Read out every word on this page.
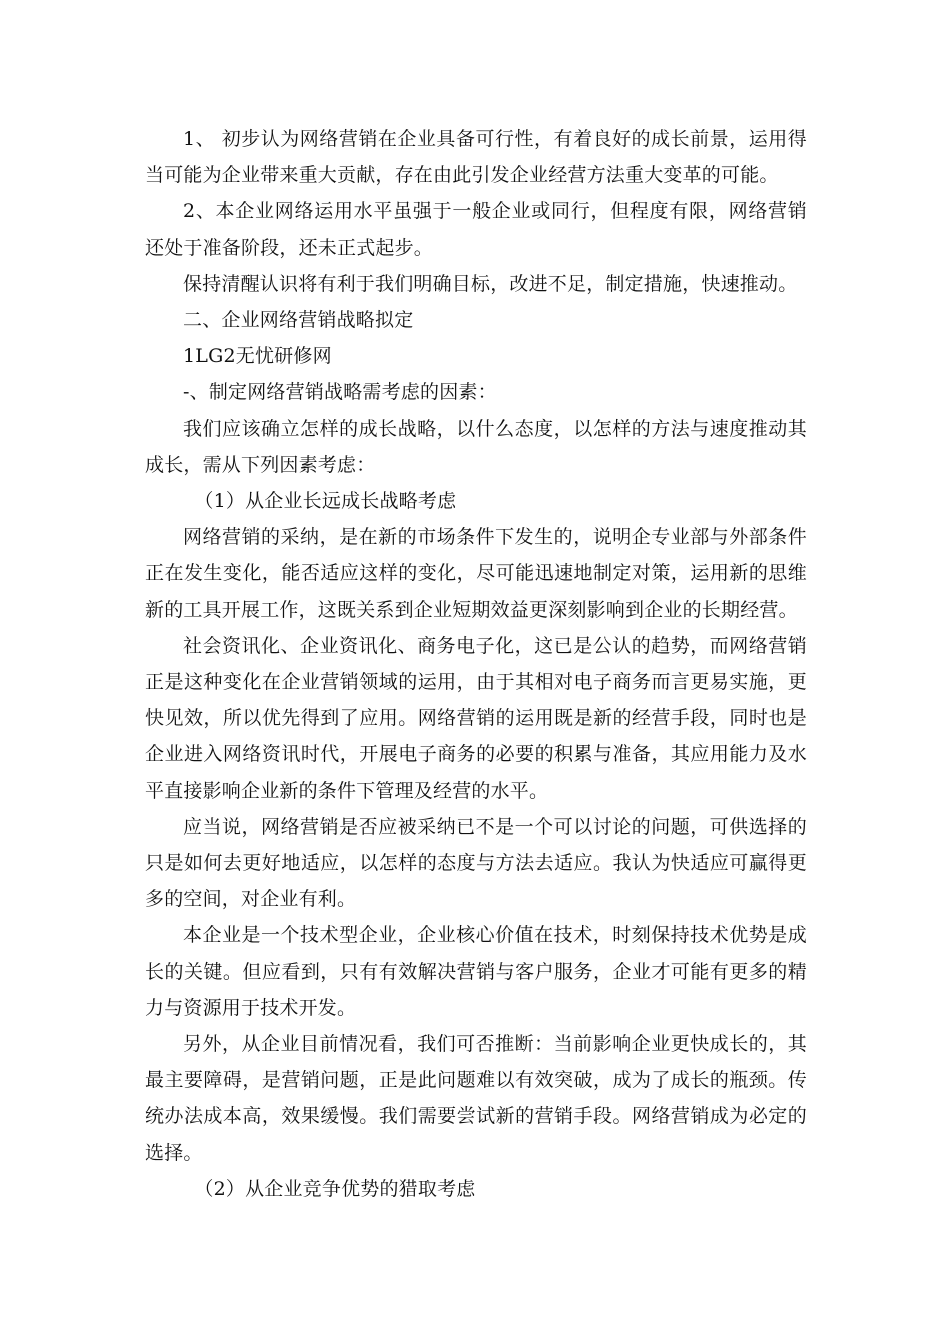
1、 初步认为网络营销在企业具备可行性，有着良好的成长前景，运用得当可能为企业带来重大贡献，存在由此引发企业经营方法重大变革的可能。

2、本企业网络运用水平虽强于一般企业或同行，但程度有限，网络营销还处于准备阶段，还未正式起步。

保持清醒认识将有利于我们明确目标，改进不足，制定措施，快速推动。

二、企业网络营销战略拟定

1LG2无忧研修网

-、制定网络营销战略需考虑的因素：

我们应该确立怎样的成长战略，以什么态度，以怎样的方法与速度推动其成长，需从下列因素考虑：

（1）从企业长远成长战略考虑

网络营销的采纳，是在新的市场条件下发生的，说明企专业部与外部条件正在发生变化，能否适应这样的变化，尽可能迅速地制定对策，运用新的思维新的工具开展工作，这既关系到企业短期效益更深刻影响到企业的长期经营。

社会资讯化、企业资讯化、商务电子化，这已是公认的趋势，而网络营销正是这种变化在企业营销领域的运用，由于其相对电子商务而言更易实施，更快见效，所以优先得到了应用。网络营销的运用既是新的经营手段，同时也是企业进入网络资讯时代，开展电子商务的必要的积累与准备，其应用能力及水平直接影响企业新的条件下管理及经营的水平。

应当说，网络营销是否应被采纳已不是一个可以讨论的问题，可供选择的只是如何去更好地适应，以怎样的态度与方法去适应。我认为快适应可赢得更多的空间，对企业有利。

本企业是一个技术型企业，企业核心价值在技术，时刻保持技术优势是成长的关键。但应看到，只有有效解决营销与客户服务，企业才可能有更多的精力与资源用于技术开发。

另外，从企业目前情况看，我们可否推断：当前影响企业更快成长的，其最主要障碍，是营销问题，正是此问题难以有效突破，成为了成长的瓶颈。传统办法成本高，效果缓慢。我们需要尝试新的营销手段。网络营销成为必定的选择。

（2）从企业竞争优势的猎取考虑
